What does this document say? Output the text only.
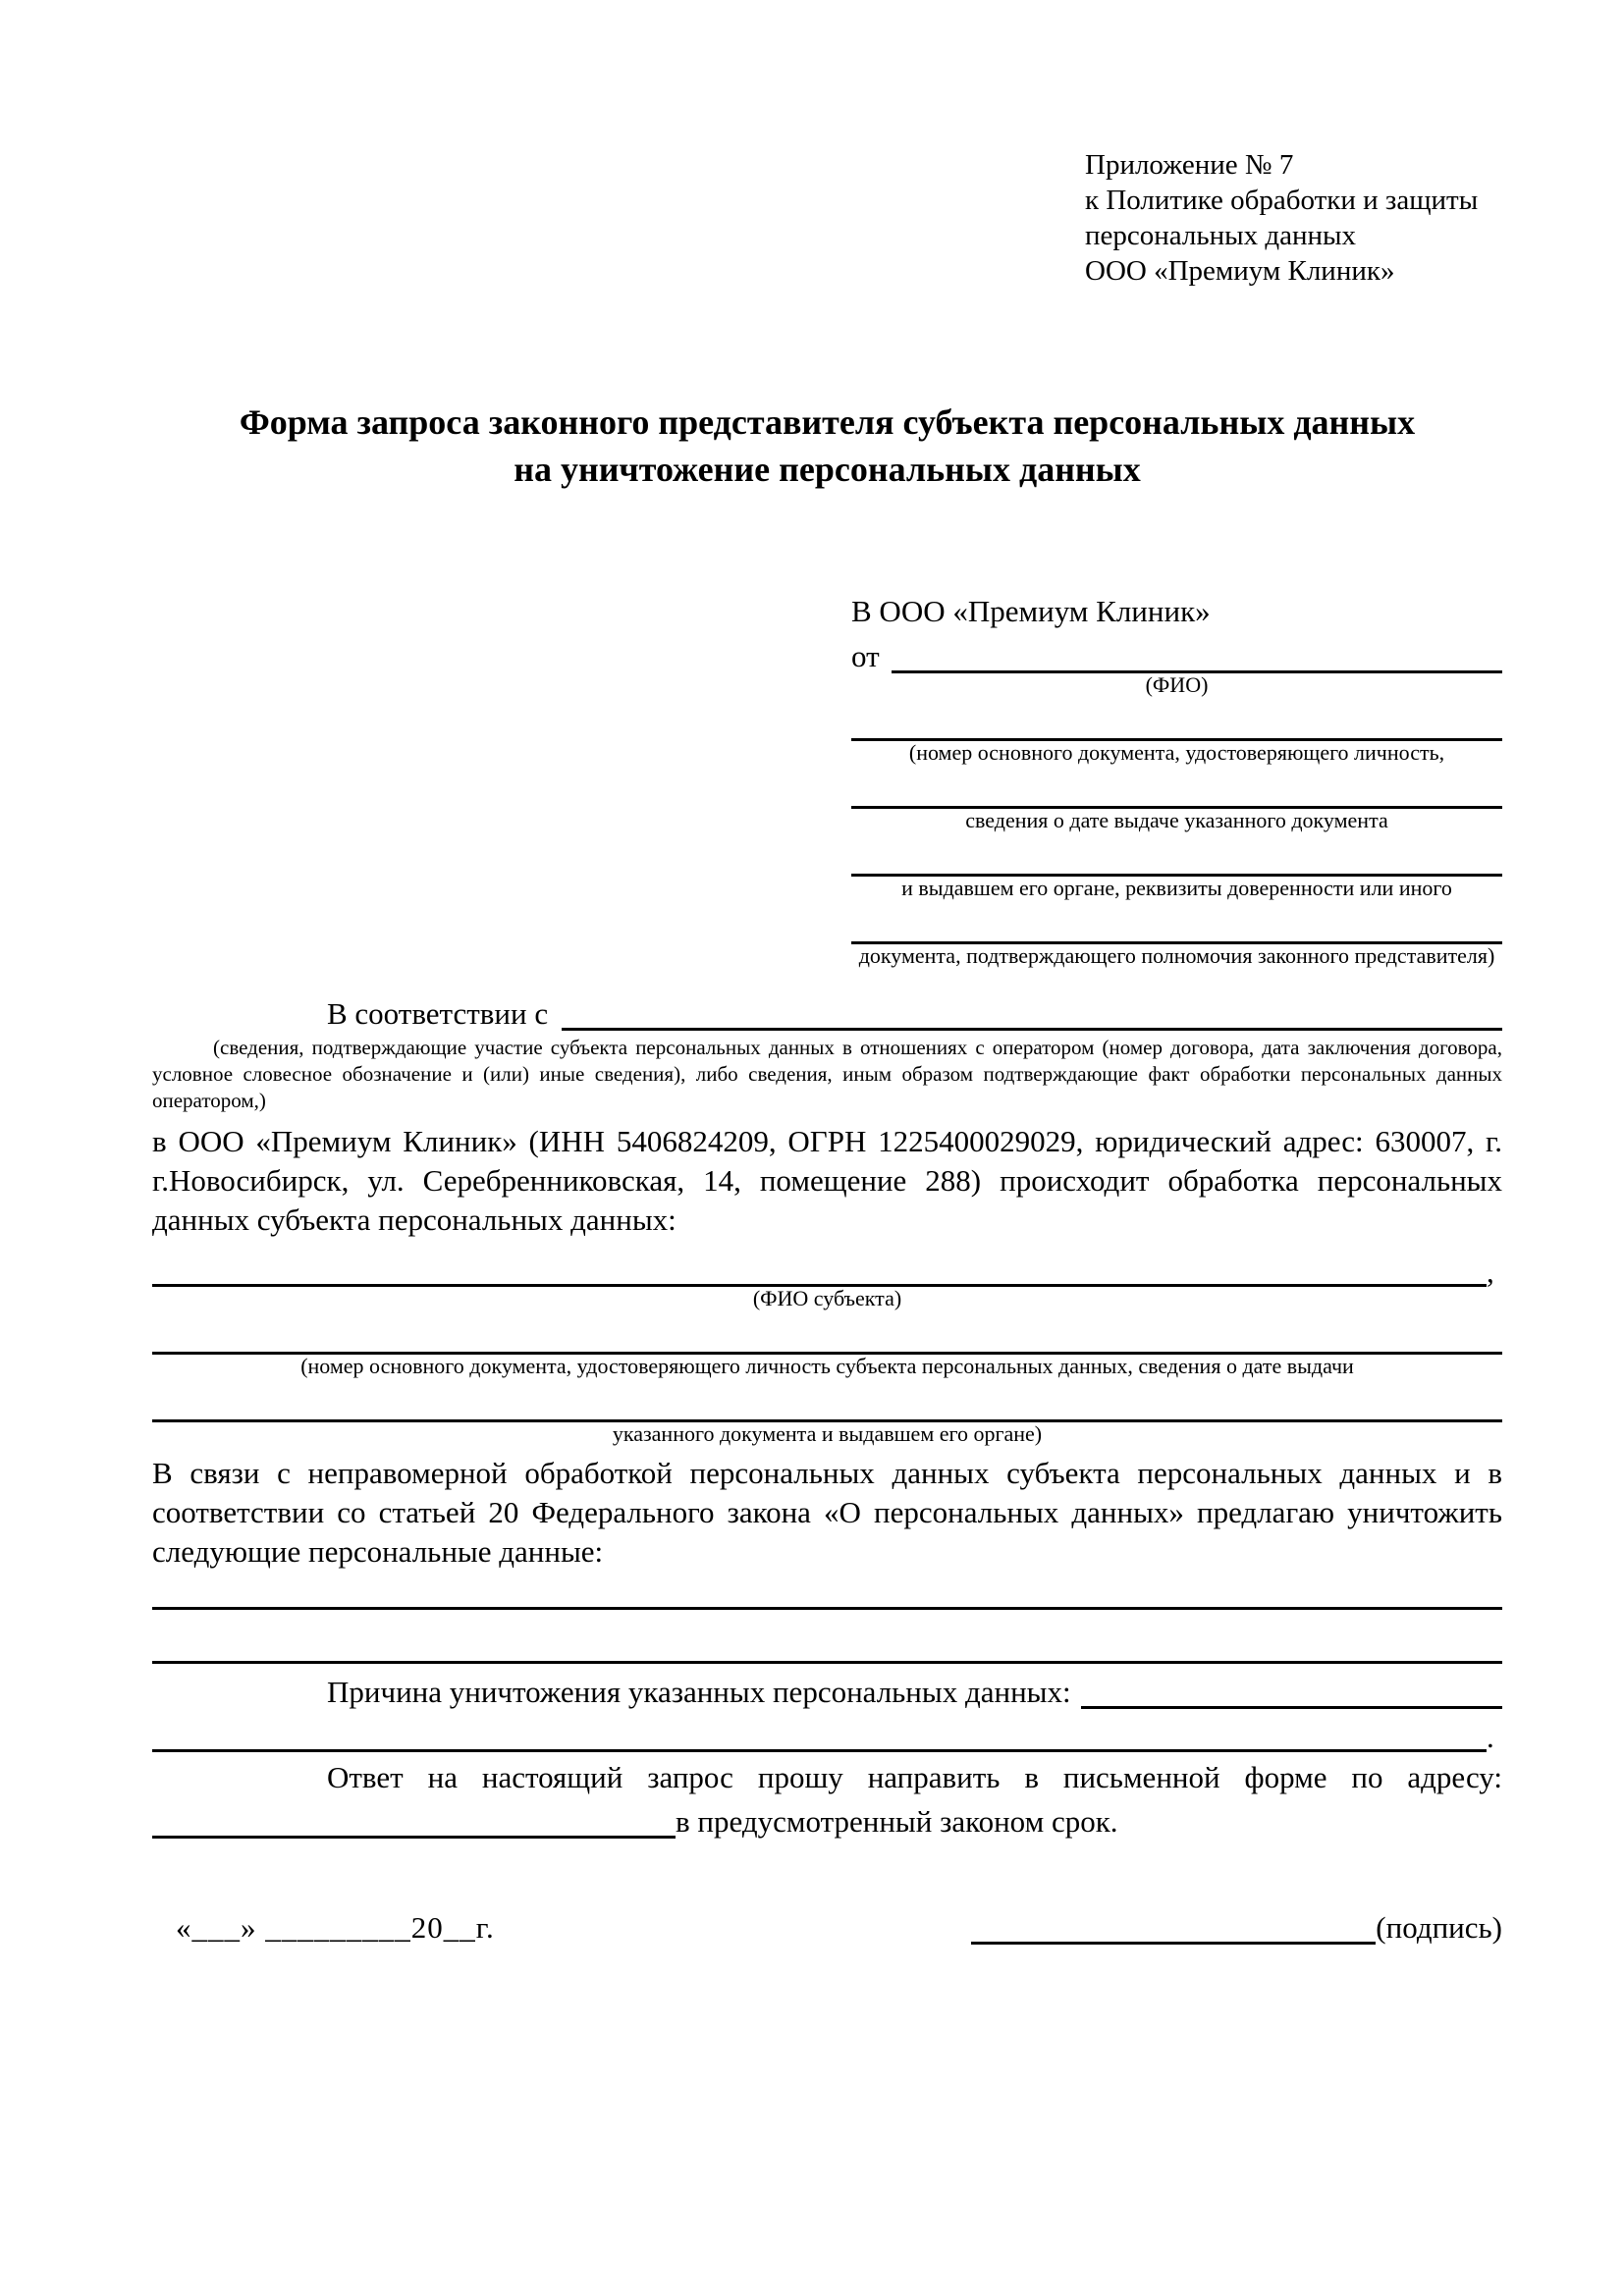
Приложение № 7
к Политике обработки и защиты
персональных данных
ООО «Премиум Клиник»
Форма запроса законного представителя субъекта персональных данных
на уничтожение персональных данных
В ООО «Премиум Клиник»
от
(ФИО)
(номер основного документа, удостоверяющего личность,
сведения о дате выдаче указанного документа
и выдавшем его органе, реквизиты доверенности или иного
документа, подтверждающего полномочия законного представителя)
В соответствии с
(сведения, подтверждающие участие субъекта персональных данных в отношениях с оператором (номер договора, дата заключения договора, условное словесное обозначение и (или) иные сведения), либо сведения, иным образом подтверждающие факт обработки персональных данных оператором,)
в ООО «Премиум Клиник» (ИНН 5406824209, ОГРН 1225400029029, юридический адрес: 630007, г. г.Новосибирск, ул. Серебренниковская, 14, помещение 288) происходит обработка персональных данных субъекта персональных данных:
,
(ФИО субъекта)
(номер основного документа, удостоверяющего личность субъекта персональных данных, сведения о дате выдачи
указанного документа и выдавшем его органе)
В связи с неправомерной обработкой персональных данных субъекта персональных данных и в соответствии со статьей 20 Федерального закона «О персональных данных» предлагаю уничтожить следующие персональные данные:
Причина уничтожения указанных персональных данных:
.
Ответ на настоящий запрос прошу направить в письменной форме по адресу:
в предусмотренный законом срок.
«___» _________20__г.	(подпись)
